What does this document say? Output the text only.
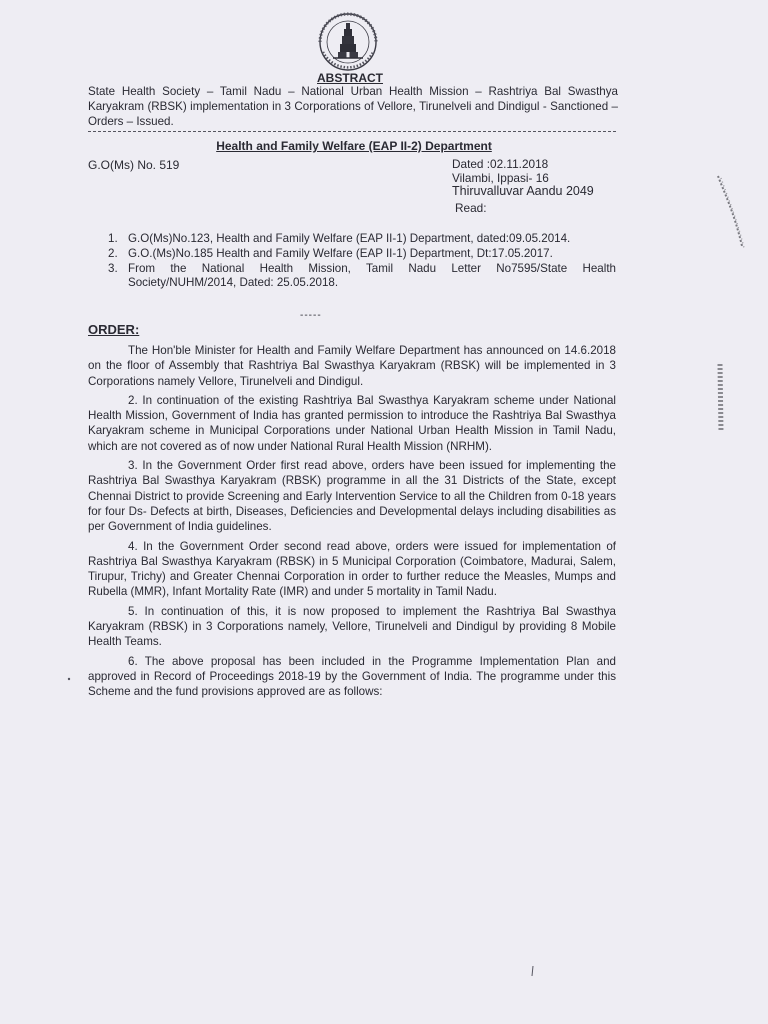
ABSTRACT
State Health Society – Tamil Nadu – National Urban Health Mission – Rashtriya Bal Swasthya Karyakram (RBSK) implementation in 3 Corporations of Vellore, Tirunelveli and Dindigul - Sanctioned – Orders – Issued.
Health and Family Welfare (EAP II-2) Department
G.O(Ms) No. 519	Dated :02.11.2018
Vilambi, Ippasi- 16
Thiruvalluvar Aandu 2049
Read:
1. G.O(Ms)No.123, Health and Family Welfare (EAP II-1) Department, dated:09.05.2014.
2. G.O.(Ms)No.185 Health and Family Welfare (EAP II-1) Department, Dt:17.05.2017.
3. From the National Health Mission, Tamil Nadu Letter No7595/State Health Society/NUHM/2014, Dated: 25.05.2018.
-----
ORDER:

The Hon'ble Minister for Health and Family Welfare Department has announced on 14.6.2018 on the floor of Assembly that Rashtriya Bal Swasthya Karyakram (RBSK) will be implemented in 3 Corporations namely Vellore, Tirunelveli and Dindigul.

2. In continuation of the existing Rashtriya Bal Swasthya Karyakram scheme under National Health Mission, Government of India has granted permission to introduce the Rashtriya Bal Swasthya Karyakram scheme in Municipal Corporations under National Urban Health Mission in Tamil Nadu, which are not covered as of now under National Rural Health Mission (NRHM).

3. In the Government Order first read above, orders have been issued for implementing the Rashtriya Bal Swasthya Karyakram (RBSK) programme in all the 31 Districts of the State, except Chennai District to provide Screening and Early Intervention Service to all the Children from 0-18 years for four Ds- Defects at birth, Diseases, Deficiencies and Developmental delays including disabilities as per Government of India guidelines.

4. In the Government Order second read above, orders were issued for implementation of Rashtriya Bal Swasthya Karyakram (RBSK) in 5 Municipal Corporation (Coimbatore, Madurai, Salem, Tirupur, Trichy) and Greater Chennai Corporation in order to further reduce the Measles, Mumps and Rubella (MMR), Infant Mortality Rate (IMR) and under 5 mortality in Tamil Nadu.

5. In continuation of this, it is now proposed to implement the Rashtriya Bal Swasthya Karyakram (RBSK) in 3 Corporations namely, Vellore, Tirunelveli and Dindigul by providing 8 Mobile Health Teams.

6. The above proposal has been included in the Programme Implementation Plan and approved in Record of Proceedings 2018-19 by the Government of India. The programme under this Scheme and the fund provisions approved are as follows:
